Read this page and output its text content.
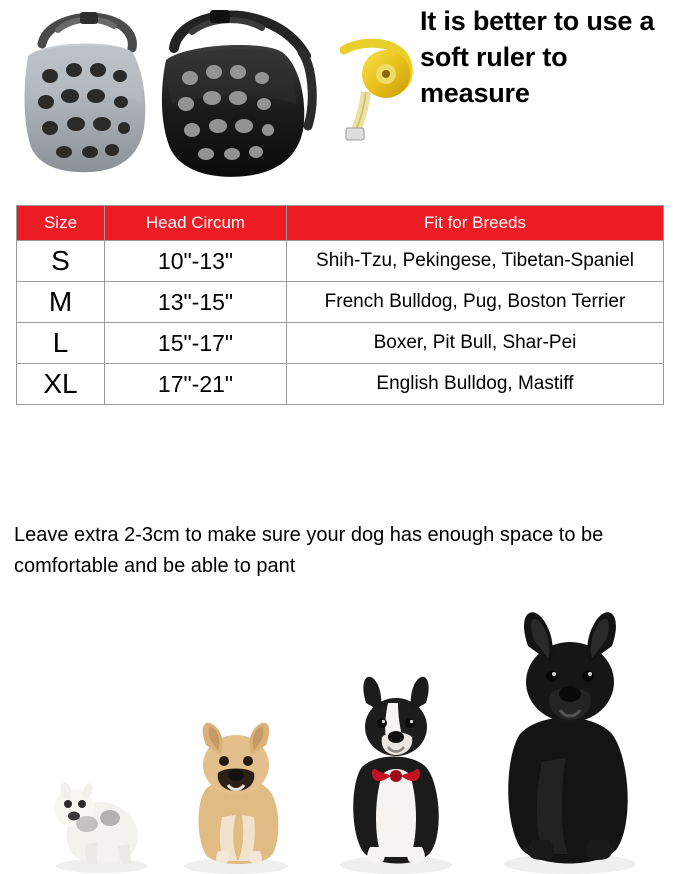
It is better to use a soft ruler to measure
Size	Head Circum	Fit for Breeds
S	10"-13"	Shih-Tzu, Pekingese, Tibetan-Spaniel
M	13"-15"	French Bulldog, Pug, Boston Terrier
L	15"-17"	Boxer, Pit Bull, Shar-Pei
XL	17"-21"	English Bulldog, Mastiff
Leave extra 2-3cm to make sure your dog has enough space to be comfortable and be able to pant
